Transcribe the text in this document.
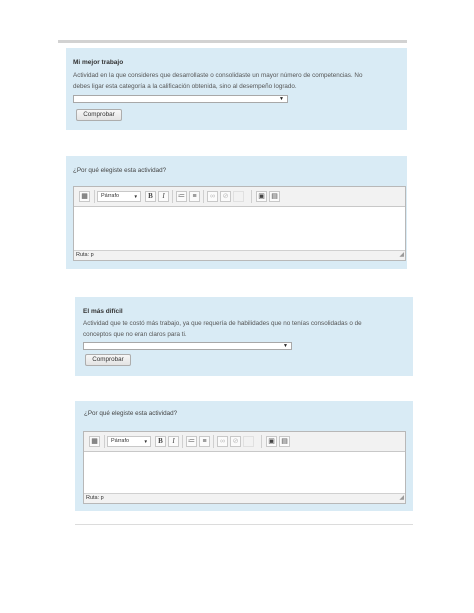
Mi mejor trabajo
Actividad en la que consideres que desarrollaste o consolidaste un mayor número de competencias. No
debes ligar esta categoría a la calificación obtenida, sino al desempeño logrado.
▼
Comprobar
¿Por qué elegiste esta actividad?
▦	Párrafo	▼	B	I	≔	≡	∞	⊘	▣ ▤
Ruta: p	◢
El más difícil
Actividad que te costó más trabajo, ya que requería de habilidades que no tenías consolidadas o de
conceptos que no eran claros para ti.
▼
Comprobar
¿Por qué elegiste esta actividad?
▦	Párrafo	▼	B	I	≔	≡	∞	⊘	▣ ▤
Ruta: p	◢
